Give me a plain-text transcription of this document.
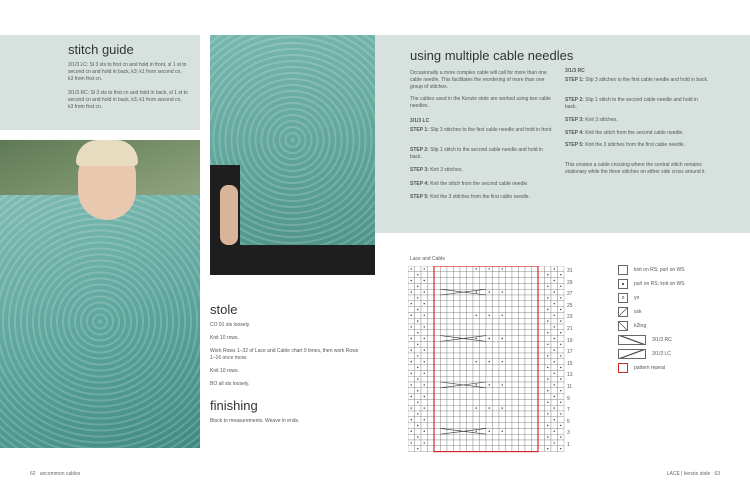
stitch guide
3/1/3 LC: Sl 3 sts to first cn and hold in front, sl 1 st to second cn and hold in back, k3; k1 from second cn, k3 from first cn.
3/1/3 RC: Sl 3 sts to first cn and hold in back, sl 1 st to second cn and hold in back, k3; k1 from second cn, k3 from first cn.
using multiple cable needles
Occasionally a more complex cable will call for more than one cable needle. This facilitates the reordering of more than one group of stitches.
The cables used in the Kenzie stole are worked using two cable needles.
3/1/3 LC
STEP 1: Slip 3 stitches to the first cable needle and hold in front.
STEP 2: Slip 1 stitch to the second cable needle and hold in back.
STEP 3: Knit 3 stitches.
STEP 4: Knit the stitch from the second cable needle.
STEP 5: Knit the 3 stitches from the first cable needle.
3/1/3 RC
STEP 1: Slip 3 stitches to the first cable needle and hold in back.
STEP 2: Slip 1 stitch to the second cable needle and hold in back.
STEP 3: Knit 3 stitches.
STEP 4: Knit the stitch from the second cable needle.
STEP 5: Knit the 3 stitches from the first cable needle.
This creates a cable crossing where the central stitch remains stationary while the three stitches on either side cross around it.
stole
CO 91 sts loosely.
Knit 10 rows.
Work Rows 1–32 of Lace and Cable chart 9 times, then work Rows 1–16 once more.
Knit 10 rows.
BO all sts loosely.
finishing
Block to measurements. Weave in ends.
Lace and Cable
31
29
27
25
23
21
19
17
15
13
11
9
7
5
3
1
knit on RS; purl on WS
purl on RS; knit on WS
o	yo
ssk
k2tog
3/1/3 RC
3/1/3 LC
pattern repeat
62 uncommon cables	LACE | kenzie stole 63
